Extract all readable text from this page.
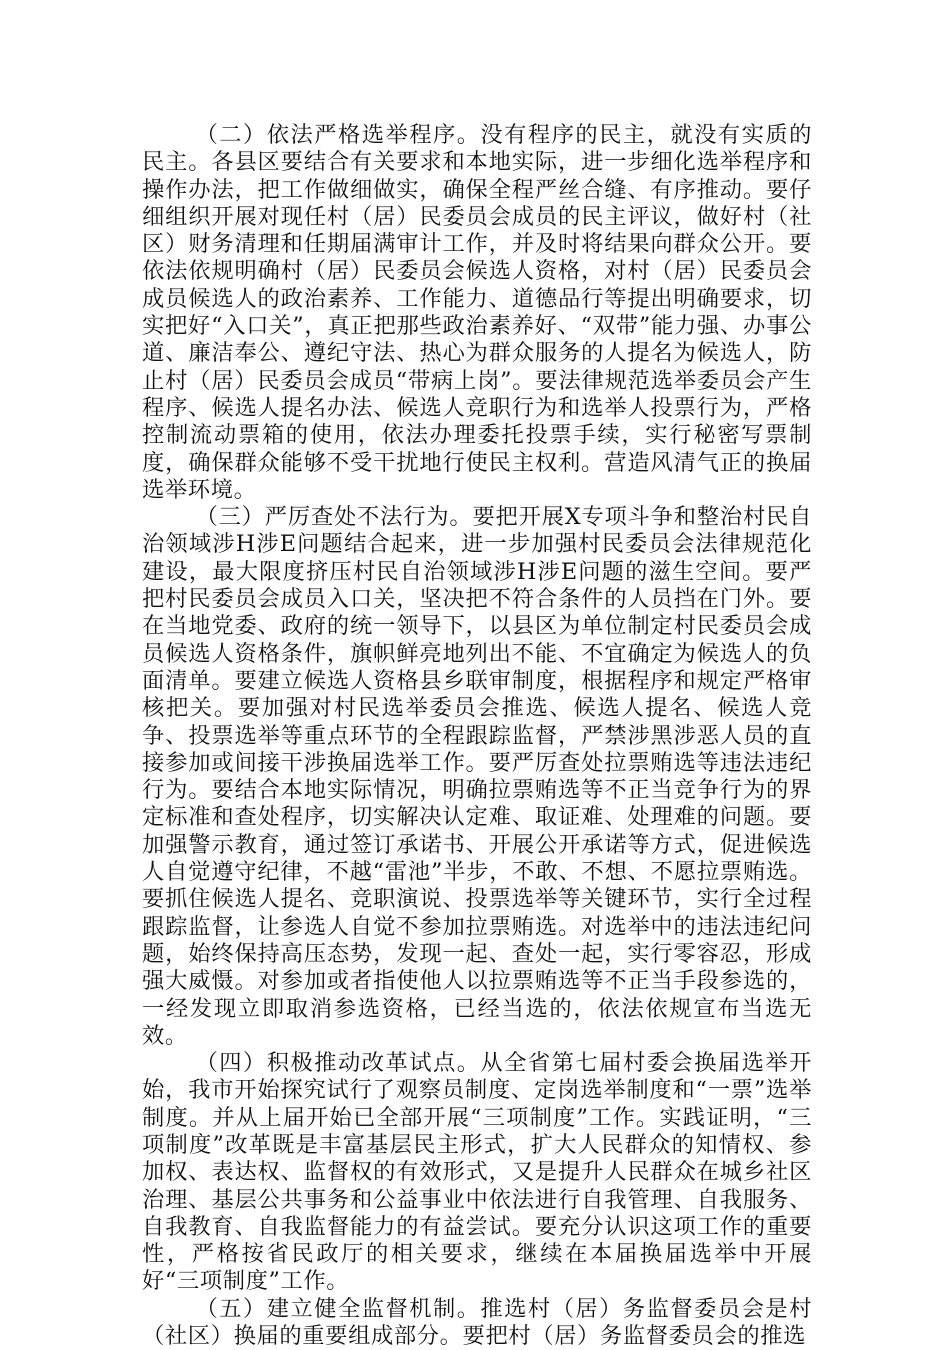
（二）依法严格选举程序。没有程序的民主，就没有实质的民主。各县区要结合有关要求和本地实际，进一步细化选举程序和操作办法，把工作做细做实，确保全程严丝合缝、有序推动。要仔细组织开展对现任村（居）民委员会成员的民主评议，做好村（社区）财务清理和任期届满审计工作，并及时将结果向群众公开。要依法依规明确村（居）民委员会候选人资格，对村（居）民委员会成员候选人的政治素养、工作能力、道德品行等提出明确要求，切实把好“入口关”，真正把那些政治素养好、“双带”能力强、办事公道、廉洁奉公、遵纪守法、热心为群众服务的人提名为候选人，防止村（居）民委员会成员“带病上岗”。要法律规范选举委员会产生程序、候选人提名办法、候选人竞职行为和选举人投票行为，严格控制流动票箱的使用，依法办理委托投票手续，实行秘密写票制度，确保群众能够不受干扰地行使民主权利。营造风清气正的换届选举环境。

（三）严厉查处不法行为。要把开展X专项斗争和整治村民自治领域涉H涉E问题结合起来，进一步加强村民委员会法律规范化建设，最大限度挤压村民自治领域涉H涉E问题的滋生空间。要严把村民委员会成员入口关，坚决把不符合条件的人员挡在门外。要在当地党委、政府的统一领导下，以县区为单位制定村民委员会成员候选人资格条件，旗帜鲜亮地列出不能、不宜确定为候选人的负面清单。要建立候选人资格县乡联审制度，根据程序和规定严格审核把关。要加强对村民选举委员会推选、候选人提名、候选人竞争、投票选举等重点环节的全程跟踪监督，严禁涉黑涉恶人员的直接参加或间接干涉换届选举工作。要严厉查处拉票贿选等违法违纪行为。要结合本地实际情况，明确拉票贿选等不正当竞争行为的界定标准和查处程序，切实解决认定难、取证难、处理难的问题。要加强警示教育，通过签订承诺书、开展公开承诺等方式，促进候选人自觉遵守纪律，不越“雷池”半步，不敢、不想、不愿拉票贿选。要抓住候选人提名、竞职演说、投票选举等关键环节，实行全过程跟踪监督，让参选人自觉不参加拉票贿选。对选举中的违法违纪问题，始终保持高压态势，发现一起、查处一起，实行零容忍，形成强大威慑。对参加或者指使他人以拉票贿选等不正当手段参选的，一经发现立即取消参选资格，已经当选的，依法依规宣布当选无效。

（四）积极推动改革试点。从全省第七届村委会换届选举开始，我市开始探究试行了观察员制度、定岗选举制度和“一票”选举制度。并从上届开始已全部开展“三项制度”工作。实践证明，“三项制度”改革既是丰富基层民主形式，扩大人民群众的知情权、参加权、表达权、监督权的有效形式，又是提升人民群众在城乡社区治理、基层公共事务和公益事业中依法进行自我管理、自我服务、自我教育、自我监督能力的有益尝试。要充分认识这项工作的重要性，严格按省民政厅的相关要求，继续在本届换届选举中开展好“三项制度”工作。

（五）建立健全监督机制。推选村（居）务监督委员会是村（社区）换届的重要组成部分。要把村（居）务监督委员会的推选
